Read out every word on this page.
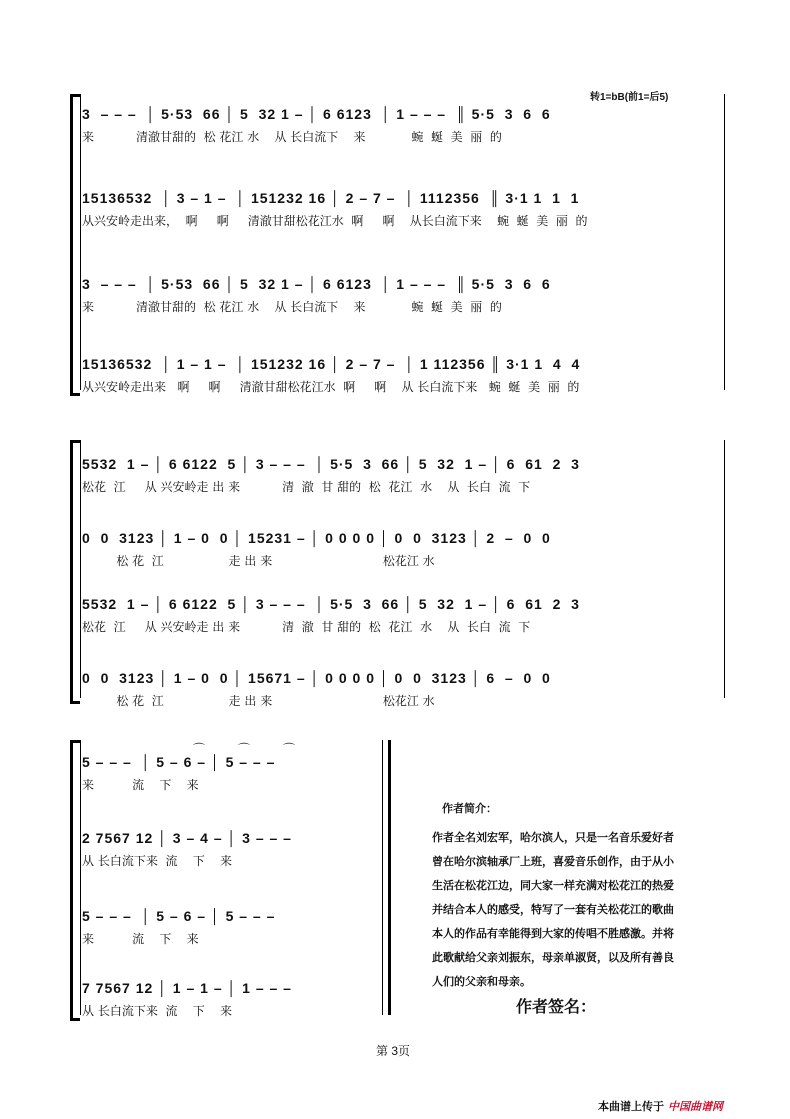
转1=bB(前1=后5)
3  – – –  │ 5·53  66 │ 5  32 1 – │ 6 6123  │ 1 – – –  ║ 5·5  3  6  6
来           清澈甘甜的  松 花江 水    从 长白流下    来            蜿  蜒  美  丽  的
15136532  │ 3 – 1 –  │ 151232 16 │ 2 – 7 –  │ 1112356  ║ 3·1 1  1  1
从兴安岭走出来，  啊     啊     清澈甘甜松花江水  啊     啊    从长白流下来    蜿  蜒  美  丽  的
3  – – –  │ 5·53  66 │ 5  32 1 – │ 6 6123  │ 1 – – –  ║ 5·5  3  6  6
来           清澈甘甜的  松 花江 水    从 长白流下    来            蜿  蜒  美  丽  的
15136532  │ 1 – 1 –  │ 151232 16 │ 2 – 7 –  │ 1 112356 ║ 3·1 1  4  4
从兴安岭走出来   啊     啊     清澈甘甜松花江水  啊     啊    从 长白流下来   蜿  蜒  美  丽  的
5532  1 – │ 6 6122  5 │ 3 – – –  │ 5·5  3  66 │ 5  32  1 – │ 6  61  2  3
松花  江     从 兴安岭走 出 来           清  澈  甘 甜的  松  花江  水    从  长白  流  下
0  0  3123 │ 1 – 0  0 │ 15231 – │ 0 0 0 0 │ 0  0  3123 │ 2  –  0  0
松 花  江                 走 出 来                             松花江 水
5532  1 – │ 6 6122  5 │ 3 – – –  │ 5·5  3  66 │ 5  32  1 – │ 6  61  2  3
松花  江     从 兴安岭走 出 来           清  澈  甘 甜的  松  花江  水    从  长白  流  下
0  0  3123 │ 1 – 0  0 │ 15671 – │ 0 0 0 0 │ 0  0  3123 │ 6  –  0  0
松 花  江                 走 出 来                             松花江 水
5 – – –  │ 5 – 6 – │ 5 – – –
来          流    下    来
2 7567 12 │ 3 – 4 – │ 3 – – –
从 长白流下来  流    下    来
5 – – –  │ 5 – 6 – │ 5 – – –
来          流    下    来
7 7567 12 │ 1 – 1 – │ 1 – – –
从 长白流下来  流    下    来
⌒	⌒	⌒
作者简介：
作者全名刘宏军，哈尔滨人，只是一名音乐爱好者
曾在哈尔滨轴承厂上班，喜爱音乐创作，由于从小
生活在松花江边，同大家一样充满对松花江的热爱
并结合本人的感受，特写了一套有关松花江的歌曲
本人的作品有幸能得到大家的传唱不胜感激。并将
此歌献给父亲刘振东，母亲单淑贤，以及所有善良
人们的父亲和母亲。
作者签名：
第 3页
本曲谱上传于 中国曲谱网
